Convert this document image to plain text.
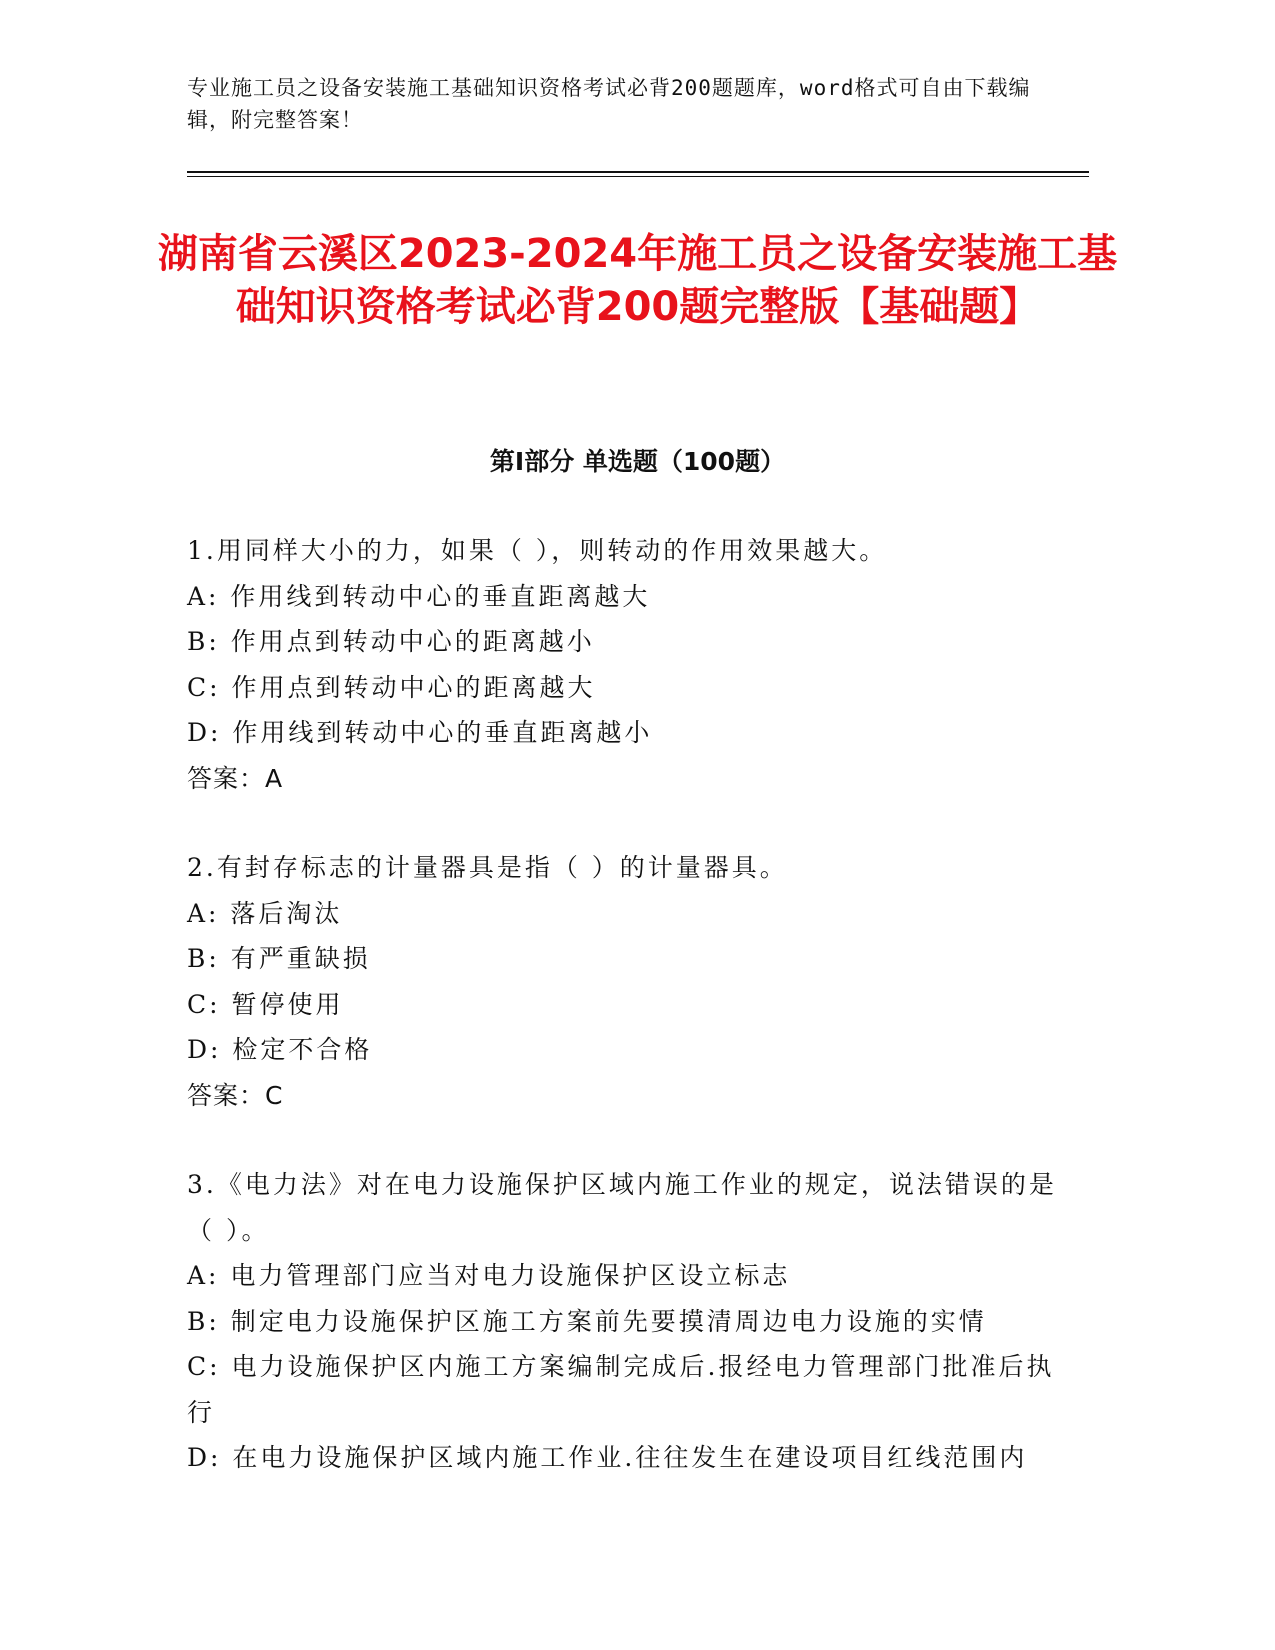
专业施工员之设备安装施工基础知识资格考试必背200题题库，word格式可自由下载编辑，附完整答案！
湖南省云溪区2023-2024年施工员之设备安装施工基础知识资格考试必背200题完整版【基础题】
第Ⅰ部分 单选题（100题）
1.用同样大小的力，如果（ ），则转动的作用效果越大。
A: 作用线到转动中心的垂直距离越大
B: 作用点到转动中心的距离越小
C: 作用点到转动中心的距离越大
D: 作用线到转动中心的垂直距离越小
答案：A
2.有封存标志的计量器具是指（ ）的计量器具。
A: 落后淘汰
B: 有严重缺损
C: 暂停使用
D: 检定不合格
答案：C
3.《电力法》对在电力设施保护区域内施工作业的规定，说法错误的是（ ）。
A: 电力管理部门应当对电力设施保护区设立标志
B: 制定电力设施保护区施工方案前先要摸清周边电力设施的实情
C: 电力设施保护区内施工方案编制完成后.报经电力管理部门批准后执行
D: 在电力设施保护区域内施工作业.往往发生在建设项目红线范围内
